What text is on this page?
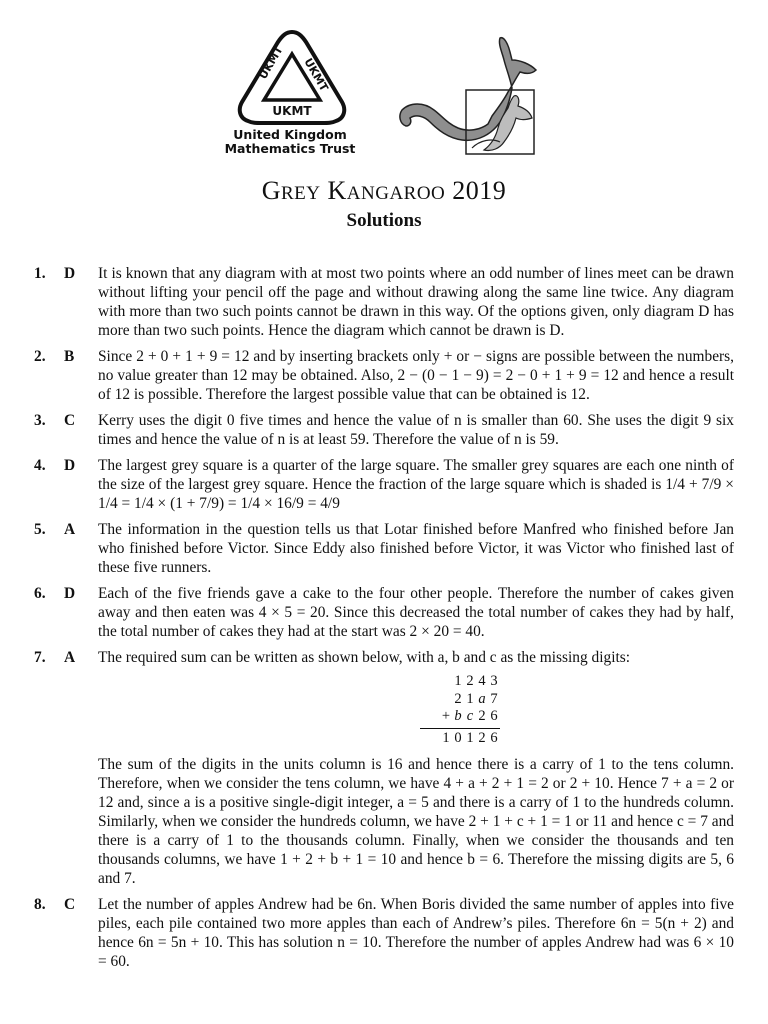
UKMT UKMT
UKMT
United Kingdom
Mathematics Trust
GREY KANGAROO 2019
Solutions
1.	D	It is known that any diagram with at most two points where an odd number of lines meet can be drawn without lifting your pencil off the page and without drawing along the same line twice. Any diagram with more than two such points cannot be drawn in this way. Of the options given, only diagram D has more than two such points. Hence the diagram which cannot be drawn is D.
2.	B	Since 2 + 0 + 1 + 9 = 12 and by inserting brackets only + or − signs are possible between the numbers, no value greater than 12 may be obtained. Also, 2 − (0 − 1 − 9) = 2 − 0 + 1 + 9 = 12 and hence a result of 12 is possible. Therefore the largest possible value that can be obtained is 12.
3.	C	Kerry uses the digit 0 five times and hence the value of n is smaller than 60. She uses the digit 9 six times and hence the value of n is at least 59. Therefore the value of n is 59.
4.	D	The largest grey square is a quarter of the large square. The smaller grey squares are each one ninth of the size of the largest grey square. Hence the fraction of the large square which is shaded is 1/4 + 7/9 × 1/4 = 1/4 × (1 + 7/9) = 1/4 × 16/9 = 4/9
5.	A	The information in the question tells us that Lotar finished before Manfred who finished before Jan who finished before Victor. Since Eddy also finished before Victor, it was Victor who finished last of these five runners.
6.	D	Each of the five friends gave a cake to the four other people. Therefore the number of cakes given away and then eaten was 4 × 5 = 20. Since this decreased the total number of cakes they had by half, the total number of cakes they had at the start was 2 × 20 = 40.
7.	A	The required sum can be written as shown below, with a, b and c as the missing digits:
1 2 4 3
2 1 a 7
+ b c 2 6
1 0 1 2 6
The sum of the digits in the units column is 16 and hence there is a carry of 1 to the tens column. Therefore, when we consider the tens column, we have 4 + a + 2 + 1 = 2 or 2 + 10. Hence 7 + a = 2 or 12 and, since a is a positive single-digit integer, a = 5 and there is a carry of 1 to the hundreds column. Similarly, when we consider the hundreds column, we have 2 + 1 + c + 1 = 1 or 11 and hence c = 7 and there is a carry of 1 to the thousands column. Finally, when we consider the thousands and ten thousands columns, we have 1 + 2 + b + 1 = 10 and hence b = 6. Therefore the missing digits are 5, 6 and 7.
8.	C	Let the number of apples Andrew had be 6n. When Boris divided the same number of apples into five piles, each pile contained two more apples than each of Andrew’s piles. Therefore 6n = 5(n + 2) and hence 6n = 5n + 10. This has solution n = 10. Therefore the number of apples Andrew had was 6 × 10 = 60.
